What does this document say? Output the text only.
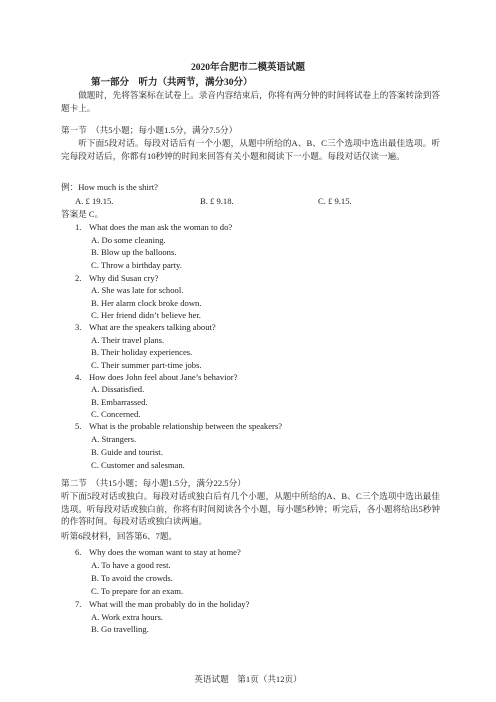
2020年合肥市二模英语试题
第一部分　听力（共两节，满分30分）
做题时，先将答案标在试卷上。录音内容结束后，你将有两分钟的时间将试卷上的答案转涂到答题卡上。
第一节　（共5小题；每小题1.5分，满分7.5分）
听下面5段对话。每段对话后有一个小题，从题中所给的A、B、C三个选项中选出最佳选项。听完每段对话后，你都有10秒钟的时间来回答有关小题和阅读下一小题。每段对话仅读一遍。
例：How much is the shirt?
A. £ 19.15.	B. £ 9.18.	C. £ 9.15.
答案是 C。
1. What does the man ask the woman to do?
A. Do some cleaning.
B. Blow up the balloons.
C. Throw a birthday party.
2. Why did Susan cry?
A. She was late for school.
B. Her alarm clock broke down.
C. Her friend didn’t believe her.
3. What are the speakers talking about?
A. Their travel plans.
B. Their holiday experiences.
C. Their summer part-time jobs.
4. How does John feel about Jane’s behavior?
A. Dissatisfied.
B. Embarrassed.
C. Concerned.
5. What is the probable relationship between the speakers?
A. Strangers.
B. Guide and tourist.
C. Customer and salesman.
第二节　（共15小题；每小题1.5分，满分22.5分）
听下面5段对话或独白。每段对话或独白后有几个小题，从题中所给的A、B、C三个选项中选出最佳选项。听每段对话或独白前，你将有时间阅读各个小题，每小题5秒钟；听完后，各小题将给出5秒钟的作答时间。每段对话或独白读两遍。
听第6段材料，回答第6、7题。
6. Why does the woman want to stay at home?
A. To have a good rest.
B. To avoid the crowds.
C. To prepare for an exam.
7. What will the man probably do in the holiday?
A. Work extra hours.
B. Go travelling.
英语试题　第1页（共12页）
